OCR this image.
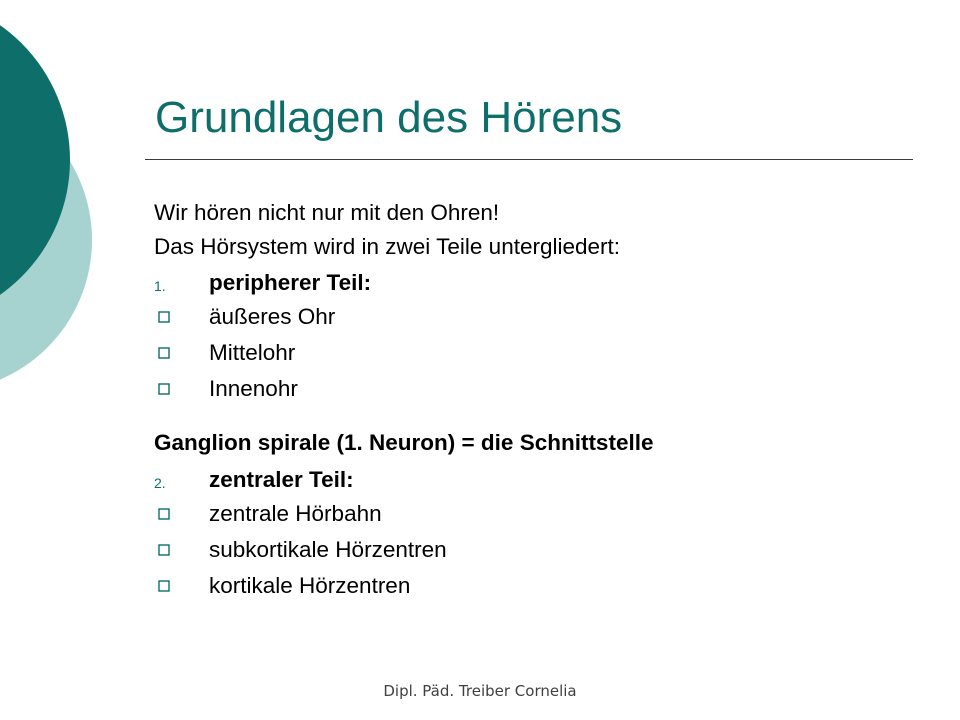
Grundlagen des Hörens
Wir hören nicht nur mit den Ohren!
Das Hörsystem wird in zwei Teile untergliedert:
1. peripherer Teil:
äußeres Ohr
Mittelohr
Innenohr
Ganglion spirale (1. Neuron) = die Schnittstelle
2. zentraler Teil:
zentrale Hörbahn
subkortikale Hörzentren
kortikale Hörzentren
Dipl. Päd. Treiber Cornelia
